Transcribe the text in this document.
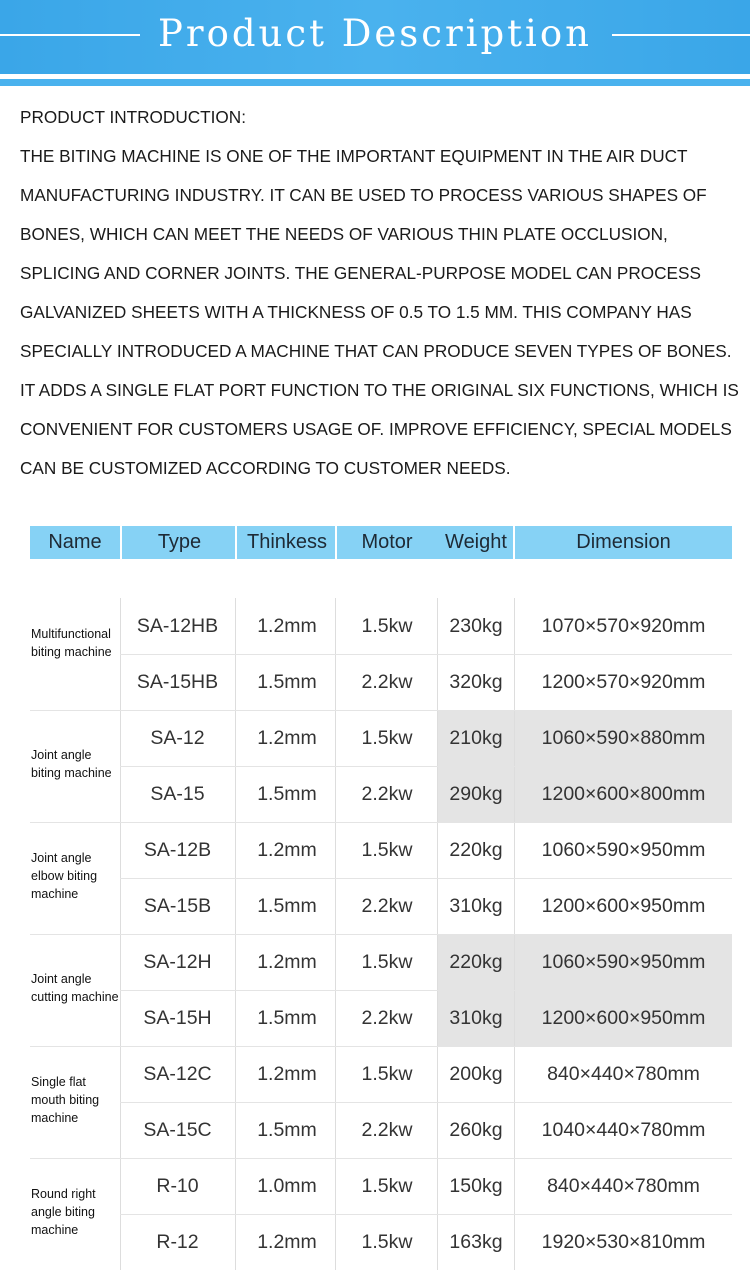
Product Description

PRODUCT INTRODUCTION:

THE BITING MACHINE IS ONE OF THE IMPORTANT EQUIPMENT IN THE AIR DUCT MANUFACTURING INDUSTRY. IT CAN BE USED TO PROCESS VARIOUS SHAPES OF BONES, WHICH CAN MEET THE NEEDS OF VARIOUS THIN PLATE OCCLUSION, SPLICING AND CORNER JOINTS. THE GENERAL-PURPOSE MODEL CAN PROCESS GALVANIZED SHEETS WITH A THICKNESS OF 0.5 TO 1.5 MM. THIS COMPANY HAS SPECIALLY INTRODUCED A MACHINE THAT CAN PRODUCE SEVEN TYPES OF BONES. IT ADDS A SINGLE FLAT PORT FUNCTION TO THE ORIGINAL SIX FUNCTIONS, WHICH IS CONVENIENT FOR CUSTOMERS USAGE OF. IMPROVE EFFICIENCY, SPECIAL MODELS CAN BE CUSTOMIZED ACCORDING TO CUSTOMER NEEDS.

Name	Type	Thinkess	Motor	Weight	Dimension
Multifunctional biting machine
SA-12HB	1.2mm	1.5kw	230kg	1070×570×920mm
SA-15HB	1.5mm	2.2kw	320kg	1200×570×920mm
Joint angle biting machine
SA-12	1.2mm	1.5kw	210kg	1060×590×880mm
SA-15	1.5mm	2.2kw	290kg	1200×600×800mm
Joint angle elbow biting machine
SA-12B	1.2mm	1.5kw	220kg	1060×590×950mm
SA-15B	1.5mm	2.2kw	310kg	1200×600×950mm
Joint angle cutting machine
SA-12H	1.2mm	1.5kw	220kg	1060×590×950mm
SA-15H	1.5mm	2.2kw	310kg	1200×600×950mm
Single flat mouth biting machine
SA-12C	1.2mm	1.5kw	200kg	840×440×780mm
SA-15C	1.5mm	2.2kw	260kg	1040×440×780mm
Round right angle biting machine
R-10	1.0mm	1.5kw	150kg	840×440×780mm
R-12	1.2mm	1.5kw	163kg	1920×530×810mm
